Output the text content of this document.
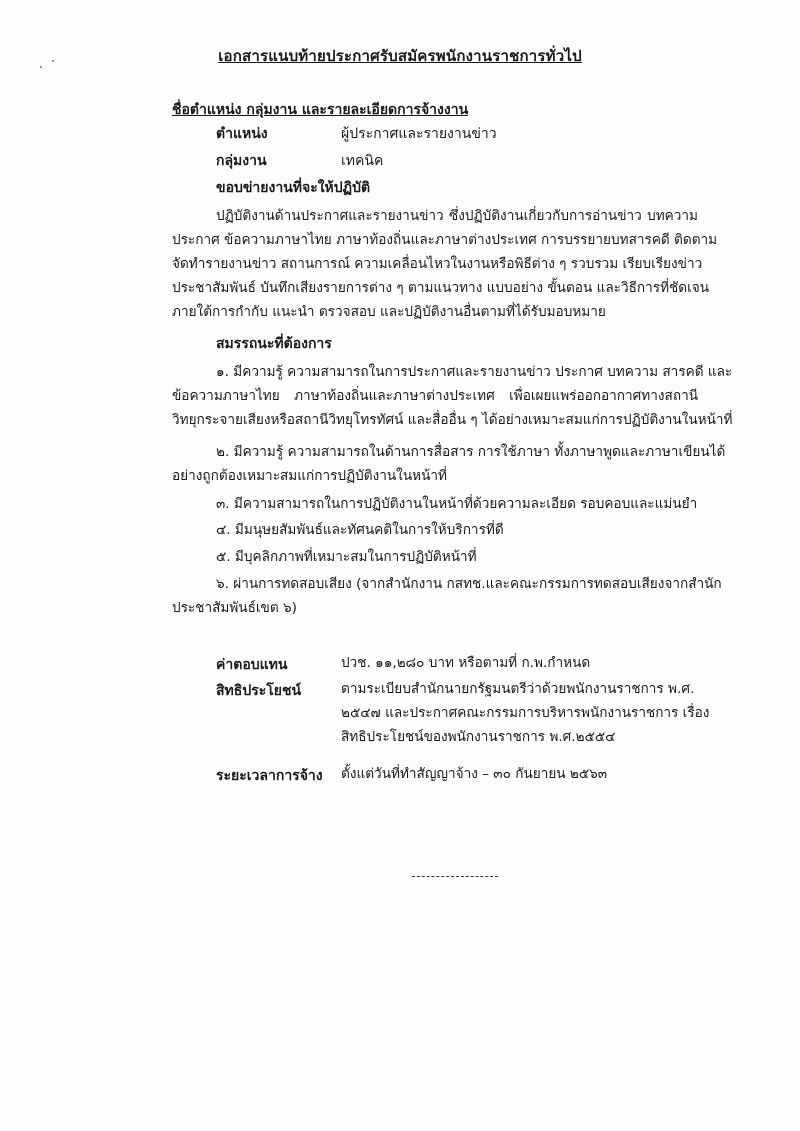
เอกสารแนบท้ายประกาศรับสมัครพนักงานราชการทั่วไป
ชื่อตำแหน่ง กลุ่มงาน และรายละเอียดการจ้างงาน
ตำแหน่ง	ผู้ประกาศและรายงานข่าว
กลุ่มงาน	เทคนิค
ขอบข่ายงานที่จะให้ปฏิบัติ
ปฏิบัติงานด้านประกาศและรายงานข่าว ซึ่งปฏิบัติงานเกี่ยวกับการอ่านข่าว บทความ
ประกาศ ข้อความภาษาไทย ภาษาท้องถิ่นและภาษาต่างประเทศ การบรรยายบทสารคดี ติดตาม
จัดทำรายงานข่าว สถานการณ์ ความเคลื่อนไหวในงานหรือพิธีต่าง ๆ รวบรวม เรียบเรียงข่าว
ประชาสัมพันธ์ บันทึกเสียงรายการต่าง ๆ ตามแนวทาง แบบอย่าง ขั้นตอน และวิธีการที่ชัดเจน
ภายใต้การกำกับ แนะนำ ตรวจสอบ และปฏิบัติงานอื่นตามที่ได้รับมอบหมาย
สมรรถนะที่ต้องการ
๑. มีความรู้ ความสามารถในการประกาศและรายงานข่าว ประกาศ บทความ สารคดี และ
ข้อความภาษาไทย ภาษาท้องถิ่นและภาษาต่างประเทศ เพื่อเผยแพร่ออกอากาศทางสถานี
วิทยุกระจายเสียงหรือสถานีวิทยุโทรทัศน์ และสื่ออื่น ๆ ได้อย่างเหมาะสมแก่การปฏิบัติงานในหน้าที่
๒. มีความรู้ ความสามารถในด้านการสื่อสาร การใช้ภาษา ทั้งภาษาพูดและภาษาเขียนได้
อย่างถูกต้องเหมาะสมแก่การปฏิบัติงานในหน้าที่
๓. มีความสามารถในการปฏิบัติงานในหน้าที่ด้วยความละเอียด รอบคอบและแม่นยำ
๔. มีมนุษยสัมพันธ์และทัศนคติในการให้บริการที่ดี
๕. มีบุคลิกภาพที่เหมาะสมในการปฏิบัติหน้าที่
๖. ผ่านการทดสอบเสียง (จากสำนักงาน กสทช.และคณะกรรมการทดสอบเสียงจากสำนัก
ประชาสัมพันธ์เขต ๖)
ค่าตอบแทน	ปวช. ๑๑,๒๘๐ บาท หรือตามที่ ก.พ.กำหนด
สิทธิประโยชน์	ตามระเบียบสำนักนายกรัฐมนตรีว่าด้วยพนักงานราชการ พ.ศ.
๒๕๔๗ และประกาศคณะกรรมการบริหารพนักงานราชการ เรื่อง
สิทธิประโยชน์ของพนักงานราชการ พ.ศ.๒๕๕๔
ระยะเวลาการจ้าง ตั้งแต่วันที่ทำสัญญาจ้าง – ๓๐ กันยายน ๒๕๖๓
